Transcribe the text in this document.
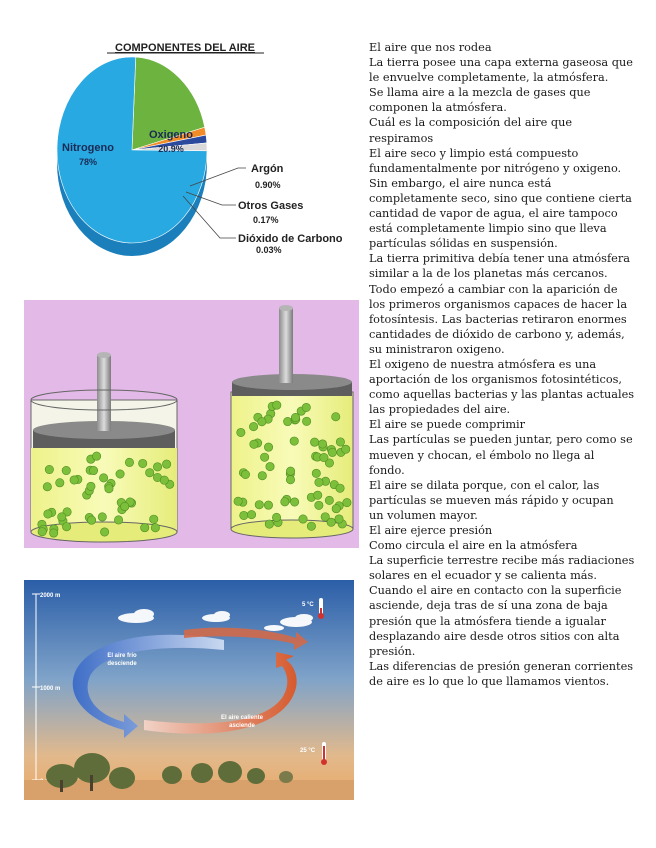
COMPONENTES DEL AIRE
Nitrogeno
78%
Oxigeno
20.9%
Argón
0.90%
Otros Gases
0.17%
Dióxido de Carbono
0.03%
2000 m
1000 m
El aire frío
desciende
El aire caliente
asciende
5 °C
25 °C

El aire que nos rodea

La tierra posee una capa externa gaseosa que

le envuelve completamente, la atmósfera.

Se llama aire a la mezcla de gases que

componen la atmósfera.

Cuál es la composición del aire que

respiramos

El aire seco y limpio está compuesto

fundamentalmente por nitrógeno y oxigeno.

Sin embargo, el aire nunca está

completamente seco, sino que contiene cierta

cantidad de vapor de agua, el aire tampoco

está completamente limpio sino que lleva

partículas sólidas en suspensión.

La tierra primitiva debía tener una atmósfera

similar a la de los planetas más cercanos.

Todo empezó a cambiar con la aparición de

los primeros organismos capaces de hacer la

fotosíntesis. Las bacterias retiraron enormes

cantidades de dióxido de carbono y, además,

su ministraron oxigeno.

El oxigeno de nuestra atmósfera es una

aportación de los organismos fotosintéticos,

como aquellas bacterias y las plantas actuales

las propiedades del aire.

El aire se puede comprimir

Las partículas se pueden juntar, pero como se

mueven y chocan, el émbolo no llega al

fondo.

El aire se dilata porque, con el calor, las

partículas se mueven más rápido y ocupan

un volumen mayor.

El aire ejerce presión

Como circula el aire en la atmósfera

La superficie terrestre recibe más radiaciones

solares en el ecuador y se calienta más.

Cuando el aire en contacto con la superficie

asciende, deja tras de sí una zona de baja

presión que la atmósfera tiende a igualar

desplazando aire desde otros sitios con alta

presión.

Las diferencias de presión generan corrientes

de aire es lo que lo que llamamos vientos.
